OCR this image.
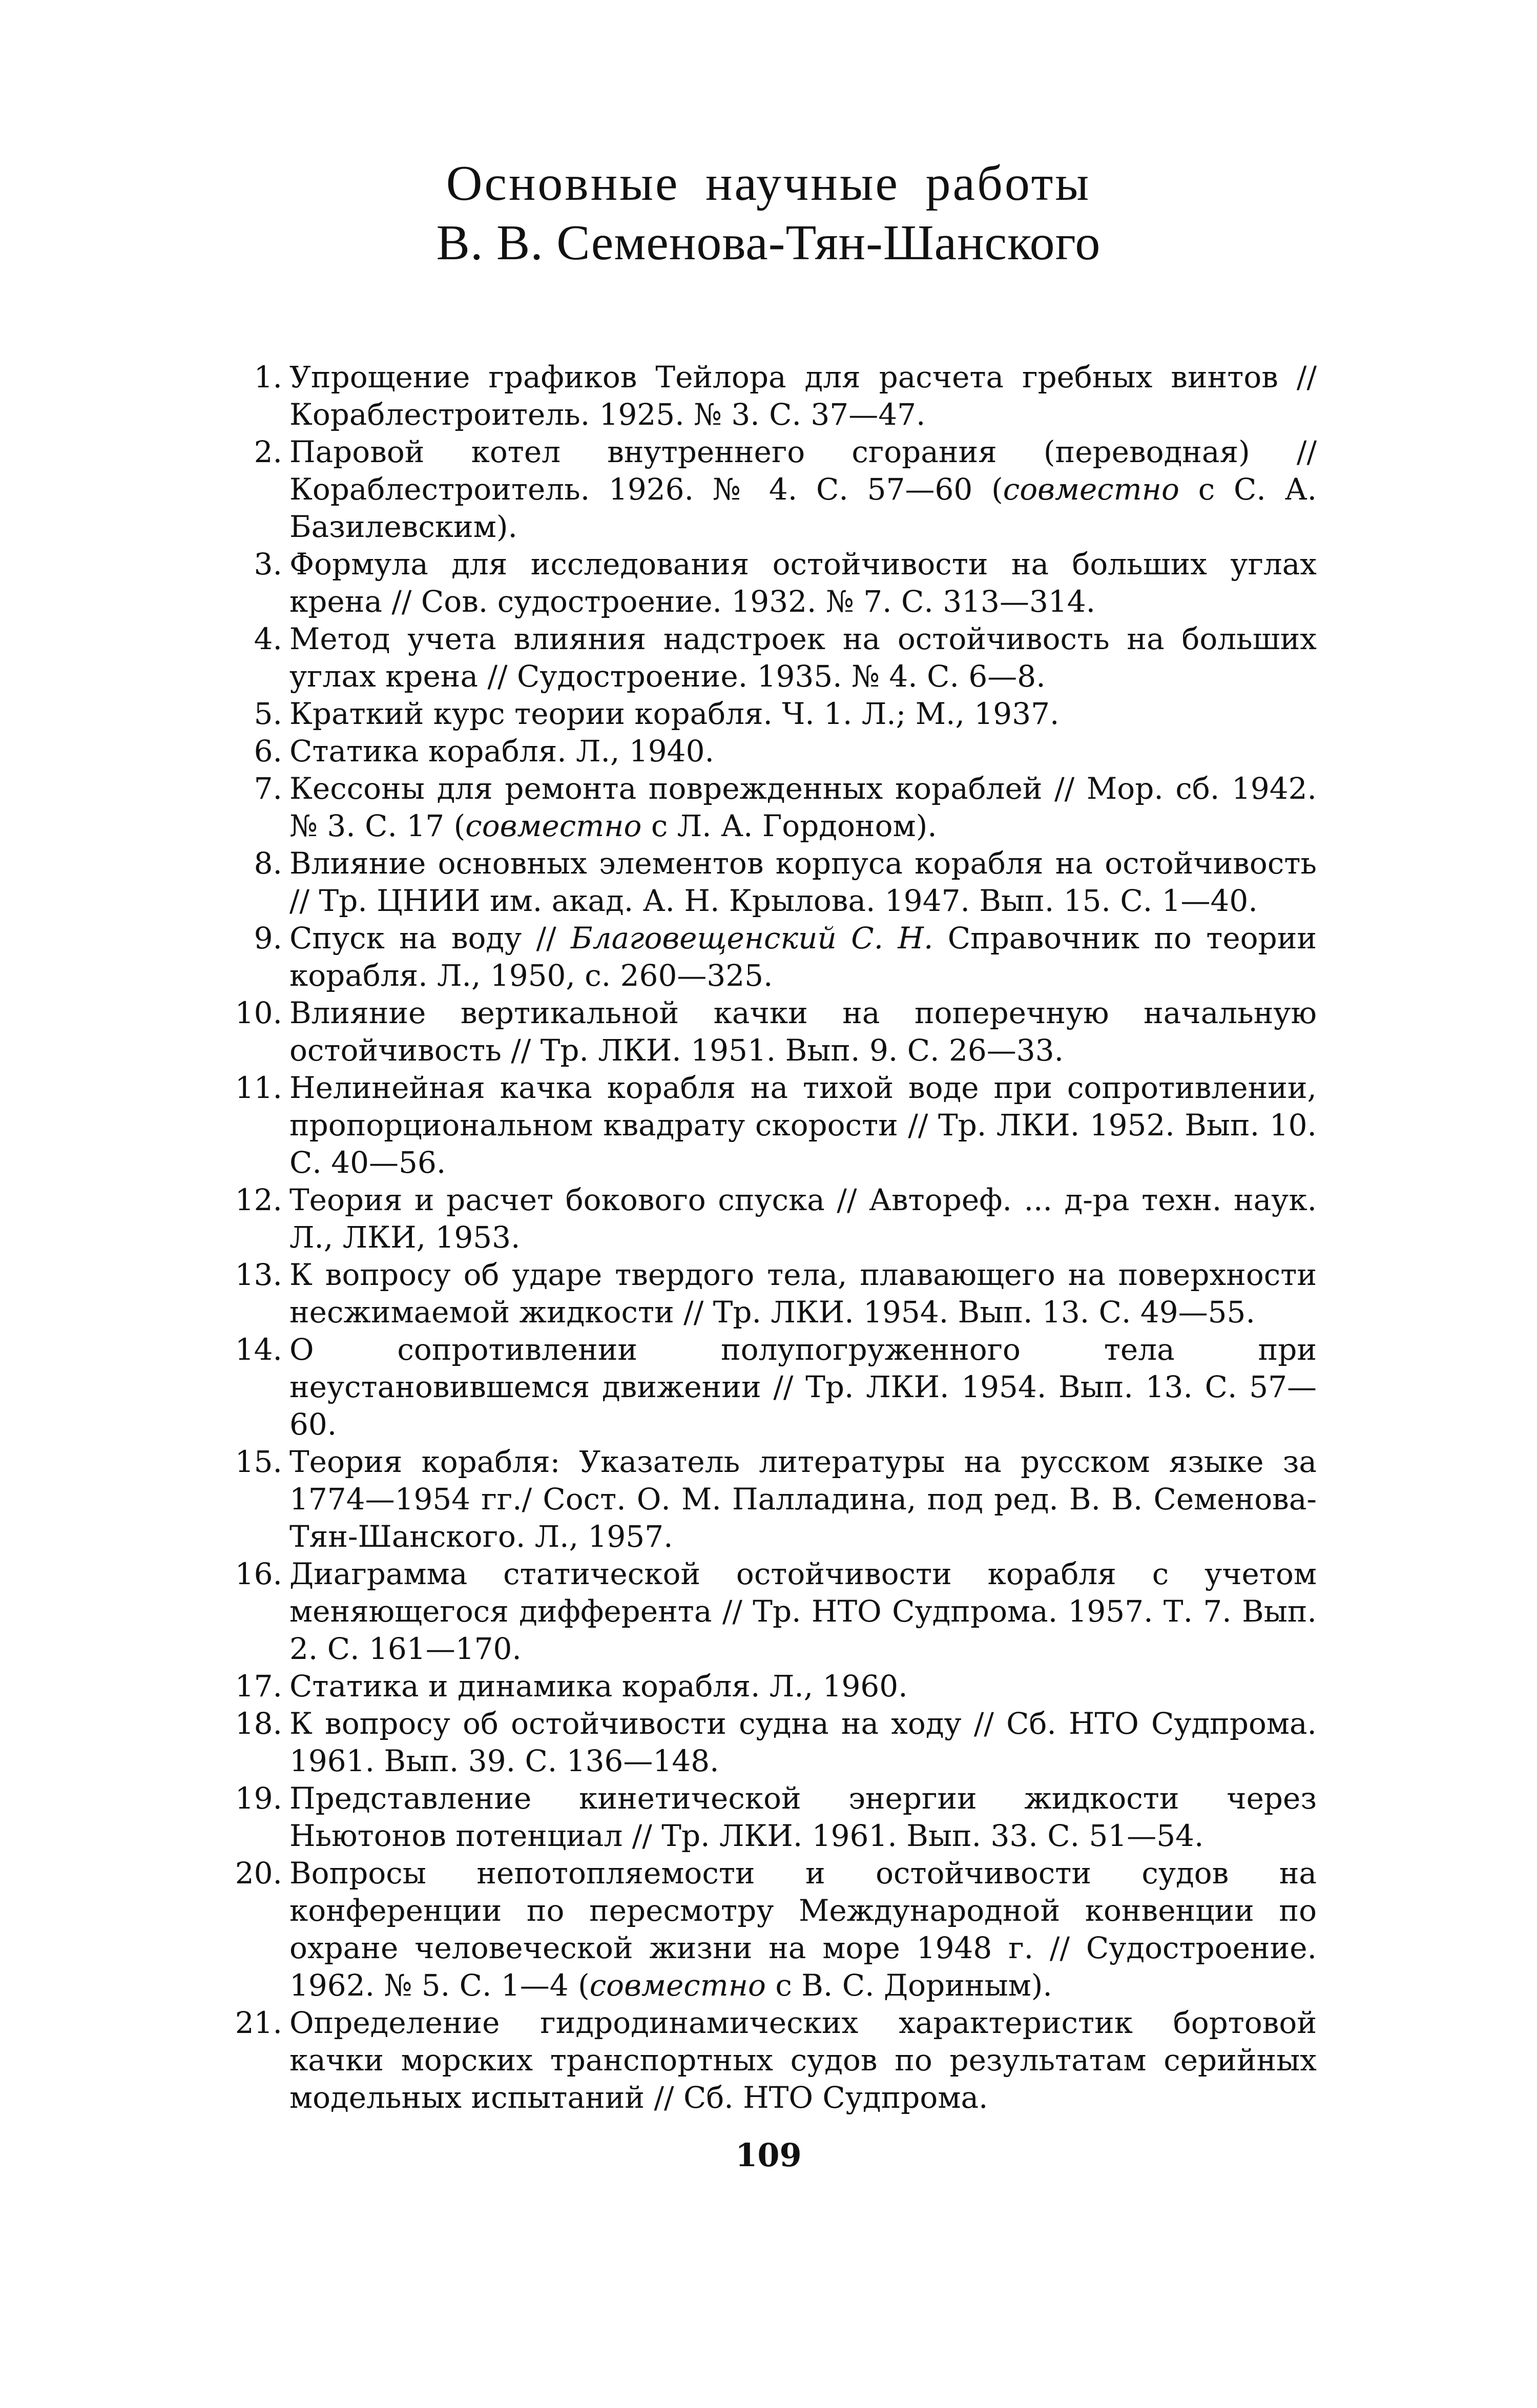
Основные научные работы
В. В. Семенова-Тян-Шанского
1. Упрощение графиков Тейлора для расчета гребных винтов // Кораблестроитель. 1925. № 3. С. 37—47.
2. Паровой котел внутреннего сгорания (переводная) // Кораблестроитель. 1926. № 4. С. 57—60 (совместно с С. А. Базилевским).
3. Формула для исследования остойчивости на больших углах крена // Сов. судостроение. 1932. № 7. С. 313—314.
4. Метод учета влияния надстроек на остойчивость на больших углах крена // Судостроение. 1935. № 4. С. 6—8.
5. Краткий курс теории корабля. Ч. 1. Л.; М., 1937.
6. Статика корабля. Л., 1940.
7. Кессоны для ремонта поврежденных кораблей // Мор. сб. 1942. № 3. С. 17 (совместно с Л. А. Гордоном).
8. Влияние основных элементов корпуса корабля на остойчивость // Тр. ЦНИИ им. акад. А. Н. Крылова. 1947. Вып. 15. С. 1—40.
9. Спуск на воду // Благовещенский С. Н. Справочник по теории корабля. Л., 1950, с. 260—325.
10. Влияние вертикальной качки на поперечную начальную остойчивость // Тр. ЛКИ. 1951. Вып. 9. С. 26—33.
11. Нелинейная качка корабля на тихой воде при сопротивлении, пропорциональном квадрату скорости // Тр. ЛКИ. 1952. Вып. 10. С. 40—56.
12. Теория и расчет бокового спуска // Автореф. ... д-ра техн. наук. Л., ЛКИ, 1953.
13. К вопросу об ударе твердого тела, плавающего на поверхности несжимаемой жидкости // Тр. ЛКИ. 1954. Вып. 13. С. 49—55.
14. О сопротивлении полупогруженного тела при неустановившемся движении // Тр. ЛКИ. 1954. Вып. 13. С. 57—60.
15. Теория корабля: Указатель литературы на русском языке за 1774—1954 гг./ Сост. О. М. Палладина, под ред. В. В. Семенова-Тян-Шанского. Л., 1957.
16. Диаграмма статической остойчивости корабля с учетом меняющегося дифферента // Тр. НТО Судпрома. 1957. Т. 7. Вып. 2. С. 161—170.
17. Статика и динамика корабля. Л., 1960.
18. К вопросу об остойчивости судна на ходу // Сб. НТО Судпрома. 1961. Вып. 39. С. 136—148.
19. Представление кинетической энергии жидкости через Ньютонов потенциал // Тр. ЛКИ. 1961. Вып. 33. С. 51—54.
20. Вопросы непотопляемости и остойчивости судов на конференции по пересмотру Международной конвенции по охране человеческой жизни на море 1948 г. // Судостроение. 1962. № 5. С. 1—4 (совместно с В. С. Дориным).
21. Определение гидродинамических характеристик бортовой качки морских транспортных судов по результатам серийных модельных испытаний // Сб. НТО Судпрома.
109
